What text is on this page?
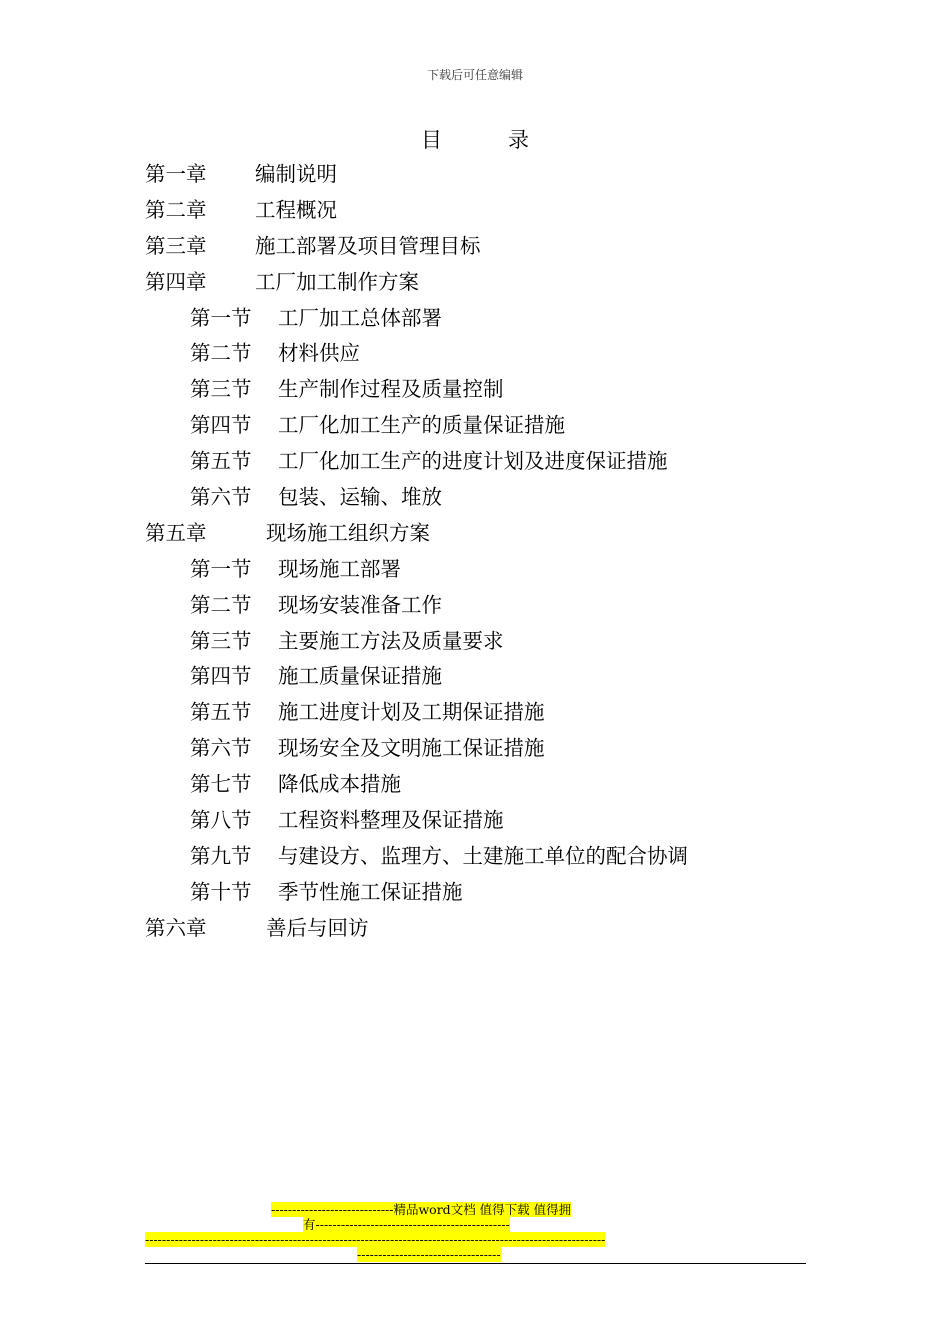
下载后可任意编辑
目	录
第一章 编制说明
第二章 工程概况
第三章 施工部署及项目管理目标
第四章 工厂加工制作方案
第一节 工厂加工总体部署
第二节 材料供应
第三节 生产制作过程及质量控制
第四节 工厂化加工生产的质量保证措施
第五节 工厂化加工生产的进度计划及进度保证措施
第六节 包装、运输、堆放
第五章	现场施工组织方案
第一节 现场施工部署
第二节 现场安装准备工作
第三节 主要施工方法及质量要求
第四节 施工质量保证措施
第五节 施工进度计划及工期保证措施
第六节 现场安全及文明施工保证措施
第七节 降低成本措施
第八节 工程资料整理及保证措施
第九节 与建设方、监理方、土建施工单位的配合协调
第十节 季节性施工保证措施
第六章	善后与回访
-----------------------------精品word文档 值得下载 值得拥
有----------------------------------------------
-------------------------------------------------------------------------------------------------------------
----------------------------------
